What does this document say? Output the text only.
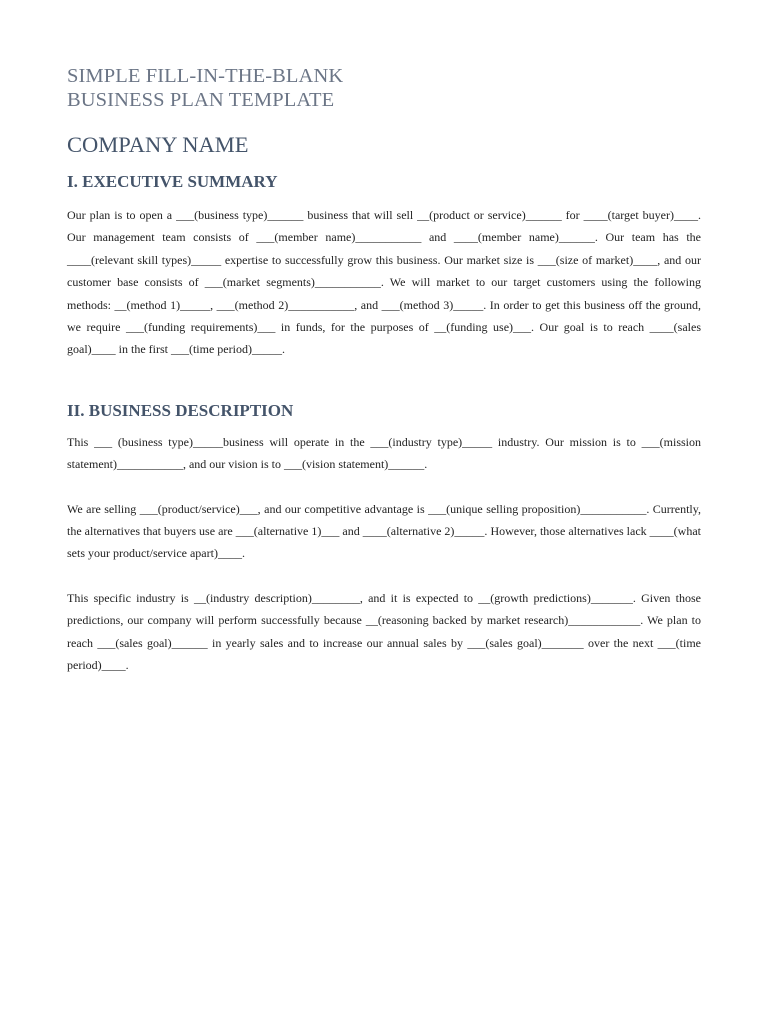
SIMPLE FILL-IN-THE-BLANK
BUSINESS PLAN TEMPLATE
COMPANY NAME
I. EXECUTIVE SUMMARY

Our plan is to open a ___(business type)______ business that will sell __(product or service)______ for ____(target buyer)____. Our management team consists of ___(member name)___________ and ____(member name)______. Our team has the ____(relevant skill types)_____ expertise to successfully grow this business. Our market size is ___(size of market)____, and our customer base consists of ___(market segments)___________. We will market to our target customers using the following methods: __(method 1)_____, ___(method 2)___________, and ___(method 3)_____. In order to get this business off the ground, we require ___(funding requirements)___ in funds, for the purposes of __(funding use)___. Our goal is to reach ____(sales goal)____ in the first ___(time period)_____.

II. BUSINESS DESCRIPTION

This ___ (business type)_____business will operate in the ___(industry type)_____ industry. Our mission is to ___(mission statement)___________, and our vision is to ___(vision statement)______.

We are selling ___(product/service)___, and our competitive advantage is ___(unique selling proposition)___________. Currently, the alternatives that buyers use are ___(alternative 1)___ and ____(alternative 2)_____. However, those alternatives lack ____(what sets your product/service apart)____.

This specific industry is __(industry description)________, and it is expected to __(growth predictions)_______. Given those predictions, our company will perform successfully because __(reasoning backed by market research)____________. We plan to reach ___(sales goal)______ in yearly sales and to increase our annual sales by ___(sales goal)_______ over the next ___(time period)____.
